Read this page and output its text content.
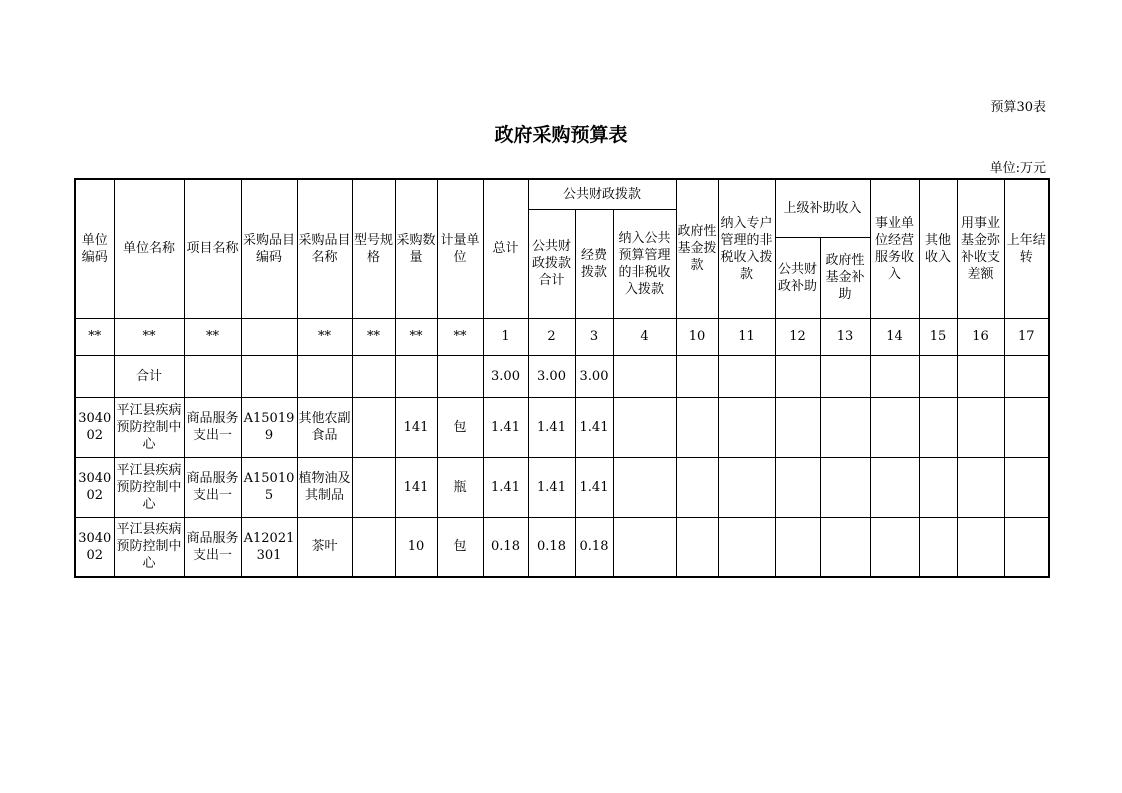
预算30表
政府采购预算表
单位:万元
单位编码	单位名称	项目名称	采购品目编码	采购品目名称	型号规格	采购数量	计量单位	总计	公共财政拨款			政府性基金拨款	纳入专户管理的非税收入拨款	上级补助收入		事业单位经营服务收入	其他收入	用事业基金弥补收支差额	上年结转
									公共财政拨款合计	经费拨款	纳入公共预算管理的非税收入拨款								
														公共财政补助	政府性基金补助				
**	**	**		**	**	**	**	1	2	3	4	10	11	12	13	14	15	16	17
	合计							3.00	3.00	3.00									
304002	平江县疾病预防控制中心	商品服务支出一	A150199	其他农副食品		141	包	1.41	1.41	1.41									
304002	平江县疾病预防控制中心	商品服务支出一	A150105	植物油及其制品		141	瓶	1.41	1.41	1.41									
304002	平江县疾病预防控制中心	商品服务支出一	A12021301	茶叶		10	包	0.18	0.18	0.18									
